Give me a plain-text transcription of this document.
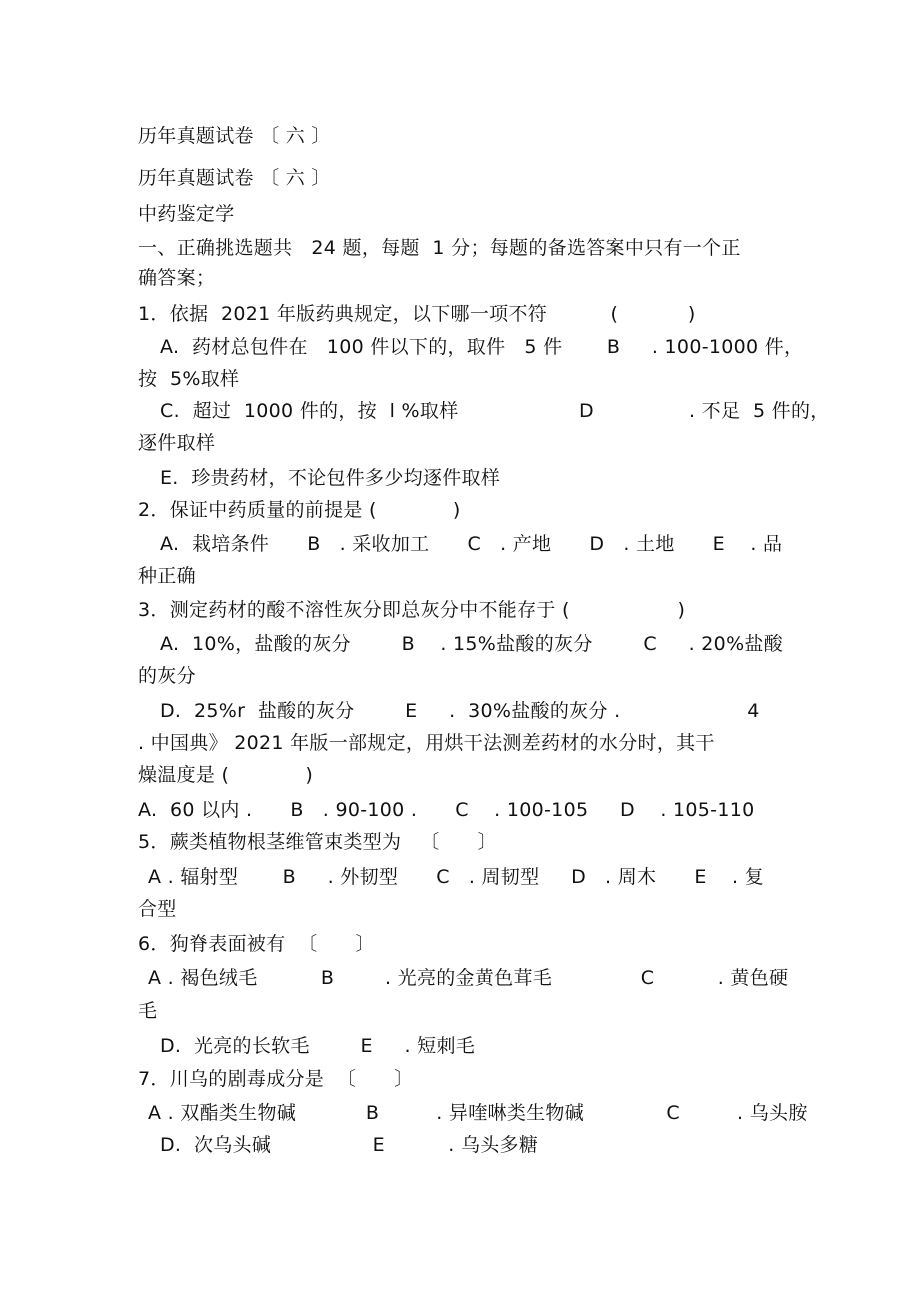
历年真题试卷 〔 六 〕
历年真题试卷 〔 六 〕
中药鉴定学
一、正确挑选题共   24 题，每题  1 分；每题的备选答案中只有一个正
确答案；
1．依据  2021 年版药典规定，以下哪一项不符          (           )
A.  药材总包件在   100 件以下的，取件   5 件       B     . 100-1000 件，
按  5%取样
C.  超过  1000 件的，按  l %取样                   D               . 不足  5 件的，
逐件取样
E.  珍贵药材，不论包件多少均逐件取样
2．保证中药质量的前提是 (            )
A.  栽培条件      B   . 采收加工      C   . 产地      D   . 土地      E    . 品
种正确
3．测定药材的酸不溶性灰分即总灰分中不能存于 (                 )
A.  10%，盐酸的灰分        B    . 15%盐酸的灰分        C     . 20%盐酸
的灰分
D.  25%r  盐酸的灰分        E     .  30%盐酸的灰分 .                    4
. 中国典》 2021 年版一部规定，用烘干法测差药材的水分时，其干
燥温度是 (            )
A.  60 以内 .      B   . 90-100 .      C    . 100-105     D    . 105-110
5．蕨类植物根茎维管束类型为   〔      〕
A . 辐射型       B     . 外韧型      C   . 周韧型     D   . 周木      E    . 复
合型
6．狗脊表面被有  〔      〕
A . 褐色绒毛          B        . 光亮的金黄色茸毛              C          . 黄色硬
毛
D.  光亮的长软毛        E     . 短刺毛
7．川乌的剧毒成分是  〔      〕
A . 双酯类生物碱           B         . 异喹啉类生物碱             C         . 乌头胺
D.  次乌头碱                E          . 乌头多糖
